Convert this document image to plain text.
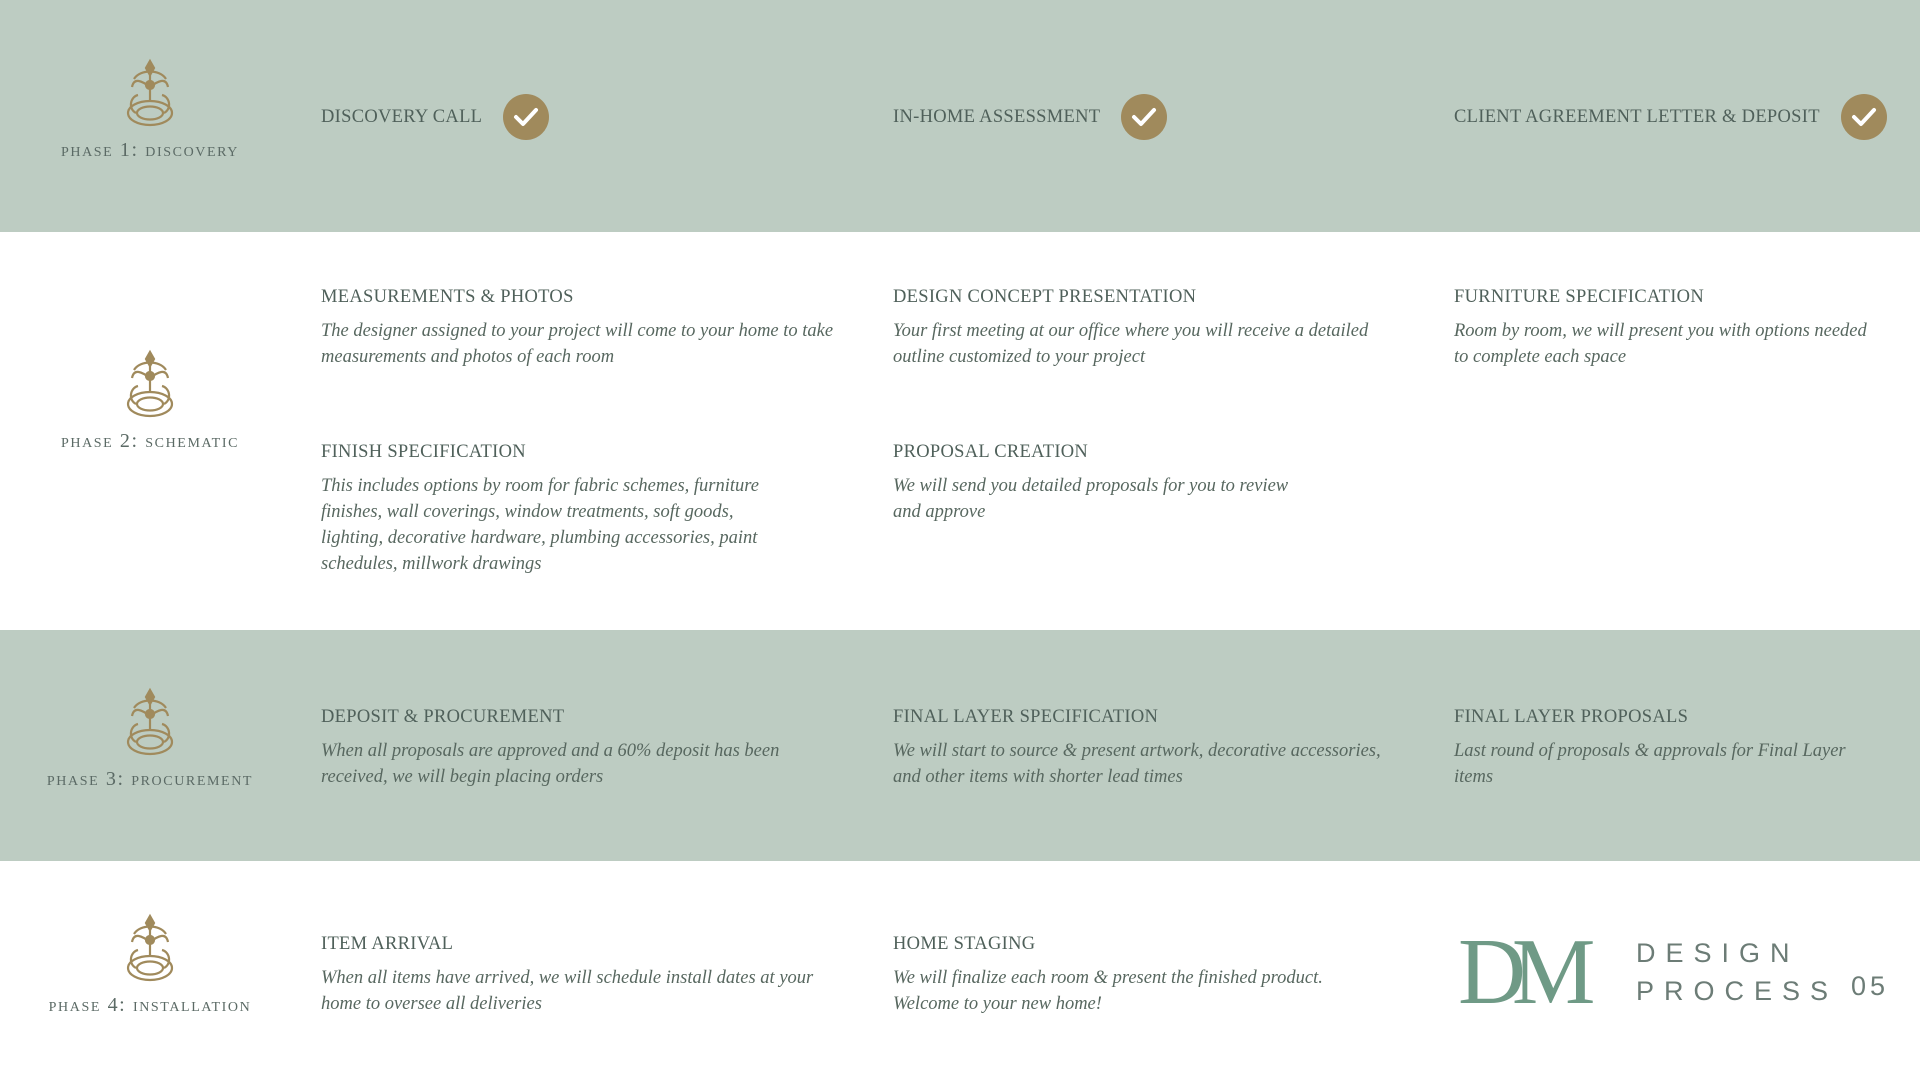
phase 1: discovery
DISCOVERY CALL	IN-HOME ASSESSMENT	CLIENT AGREEMENT LETTER & DEPOSIT
phase 2: schematic
MEASUREMENTS & PHOTOS
The designer assigned to your project will come to your home to take measurements and photos of each room
DESIGN CONCEPT PRESENTATION
Your first meeting at our office where you will receive a detailed outline customized to your project
FURNITURE SPECIFICATION
Room by room, we will present you with options needed to complete each space
FINISH SPECIFICATION
This includes options by room for fabric schemes, furniture finishes, wall coverings, window treatments, soft goods, lighting, decorative hardware, plumbing accessories, paint schedules, millwork drawings
PROPOSAL CREATION
We will send you detailed proposals for you to review and approve
phase 3: procurement
DEPOSIT & PROCUREMENT
When all proposals are approved and a 60% deposit has been received, we will begin placing orders
FINAL LAYER SPECIFICATION
We will start to source & present artwork, decorative accessories, and other items with shorter lead times
FINAL LAYER PROPOSALS
Last round of proposals & approvals for Final Layer items
phase 4: installation
ITEM ARRIVAL
When all items have arrived, we will schedule install dates at your home to oversee all deliveries
HOME STAGING
We will finalize each room & present the finished product. Welcome to your new home!	DM	DESIGN
PROCESS 05
